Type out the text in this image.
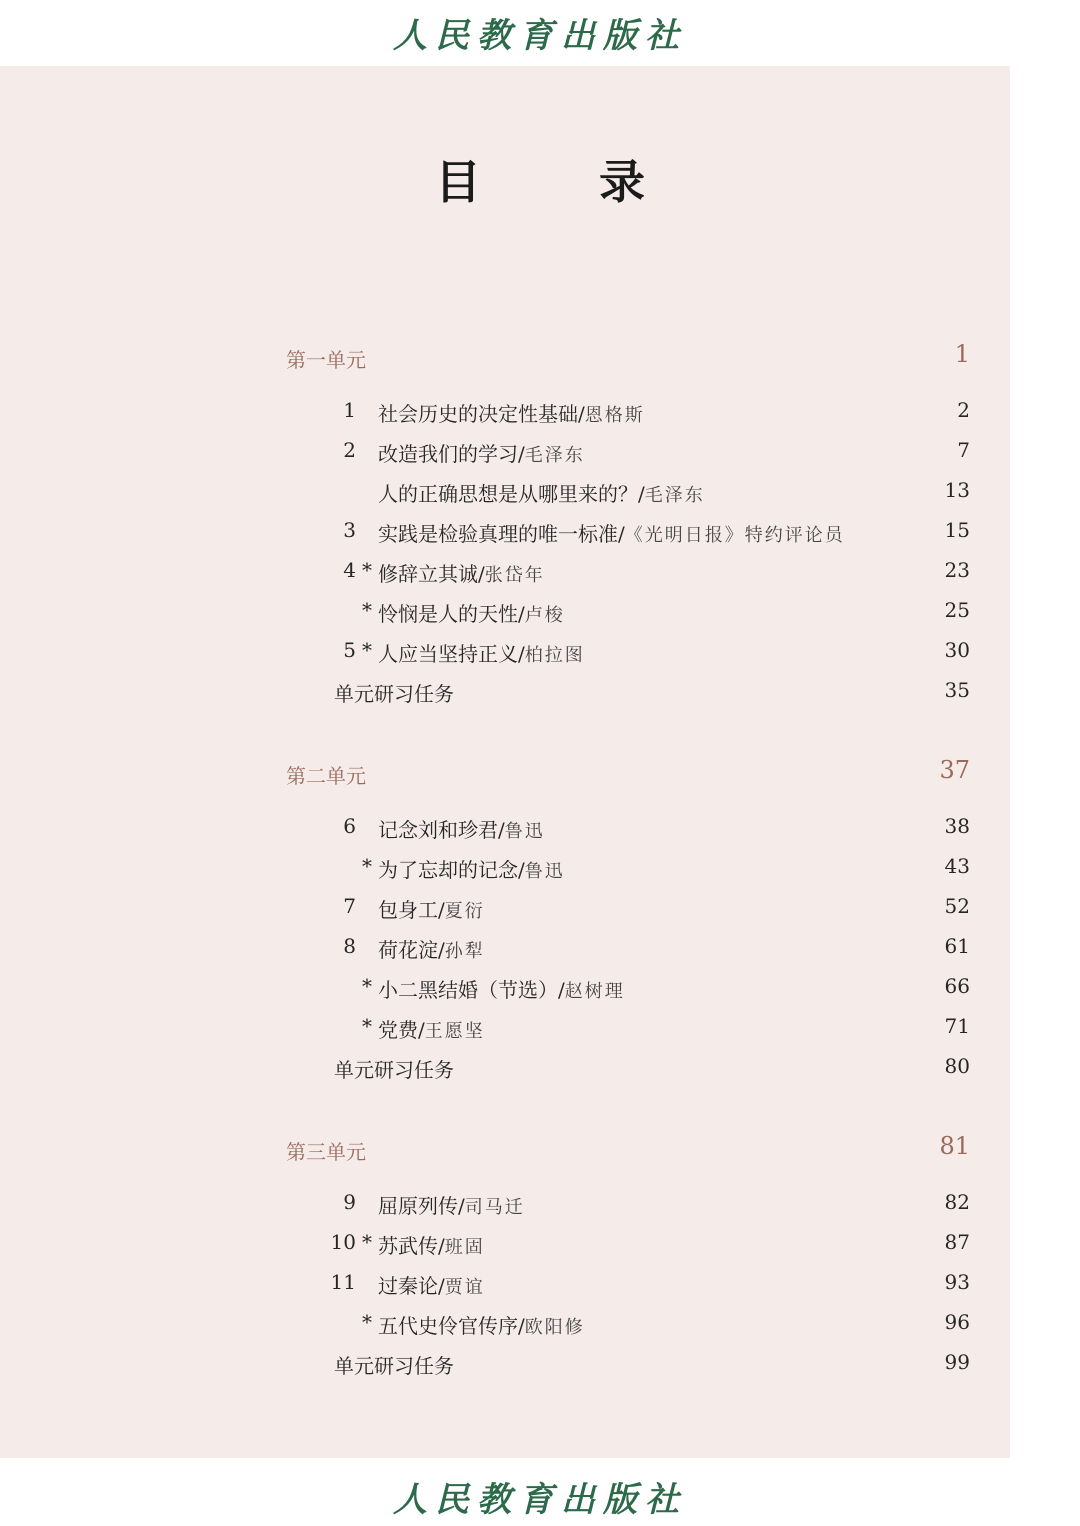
人民教育出版社
目　录
第一单元	1
1 社会历史的决定性基础/恩格斯	2
2 改造我们的学习/毛泽东	7
人的正确思想是从哪里来的？/毛泽东	13
3 实践是检验真理的唯一标准/《光明日报》特约评论员	15
4 * 修辞立其诚/张岱年	23
* 怜悯是人的天性/卢梭	25
5 * 人应当坚持正义/柏拉图	30
单元研习任务	35
第二单元	37
6 记念刘和珍君/鲁迅	38
* 为了忘却的记念/鲁迅	43
7 包身工/夏衍	52
8 荷花淀/孙犁	61
* 小二黑结婚（节选）/赵树理	66
* 党费/王愿坚	71
单元研习任务	80
第三单元	81
9 屈原列传/司马迁	82
10 * 苏武传/班固	87
11 过秦论/贾谊	93
* 五代史伶官传序/欧阳修	96
单元研习任务	99
人民教育出版社
